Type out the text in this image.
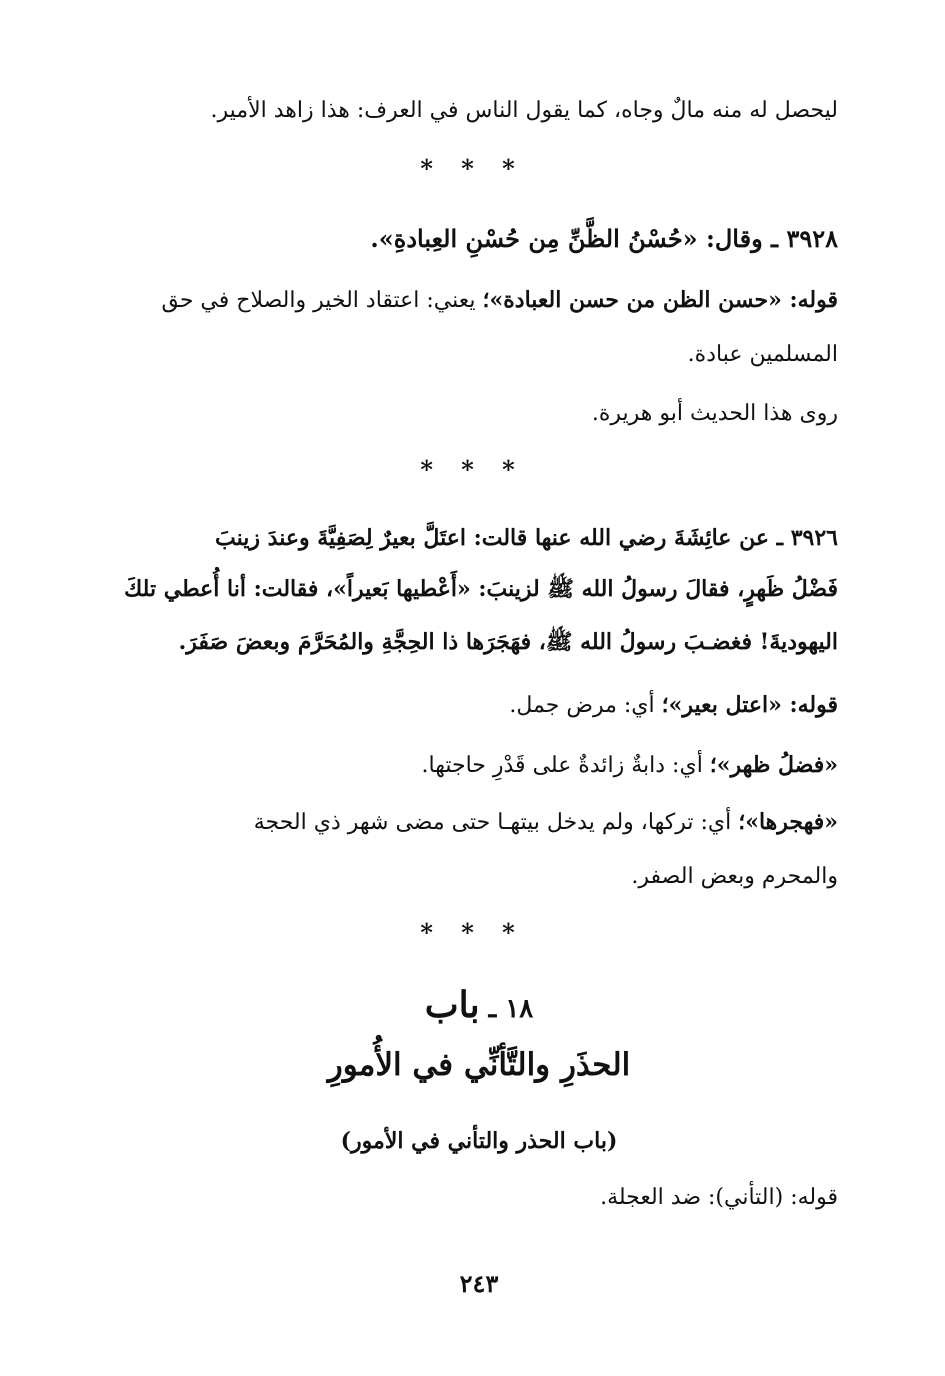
ليحصل له منه مالٌ وجاه، كما يقول الناس في العرف: هذا زاهد الأمير.
* * *
٣٩٢٨ ـ وقال: «حُسْنُ الظَّنِّ مِن حُسْنِ العِبادةِ».
قوله: «حسن الظن من حسن العبادة»؛ يعني: اعتقاد الخير والصلاح في حق
المسلمين عبادة.
روى هذا الحديث أبو هريرة.
* * *
٣٩٢٦ ـ عن عائِشَةَ رضي الله عنها قالت: اعتَلَّ بعيرٌ لِصَفِيَّةَ وعندَ زينبَ
فَضْلُ ظَهرٍ، فقالَ رسولُ الله ﷺ لزينبَ: «أَعْطيها بَعيراً»، فقالت: أنا أُعطي تلكَ
اليهوديةَ! فغضـبَ رسولُ الله ﷺ، فهَجَرَها ذا الحِجَّةِ والمُحَرَّمَ وبعضَ صَفَرَ.
قوله: «اعتل بعير»؛ أي: مرض جمل.
«فضلُ ظهر»؛ أي: دابةٌ زائدةٌ على قَدْرِ حاجتها.
«فهجرها»؛ أي: تركها، ولم يدخل بيتهـا حتى مضى شهر ذي الحجة
والمحرم وبعض الصفر.
* * *
١٨ ـ باب
الحذَرِ والتَّأنِّي في الأُمورِ
(باب الحذر والتأني في الأمور)
قوله: (التأني): ضد العجلة.
٢٤٣
